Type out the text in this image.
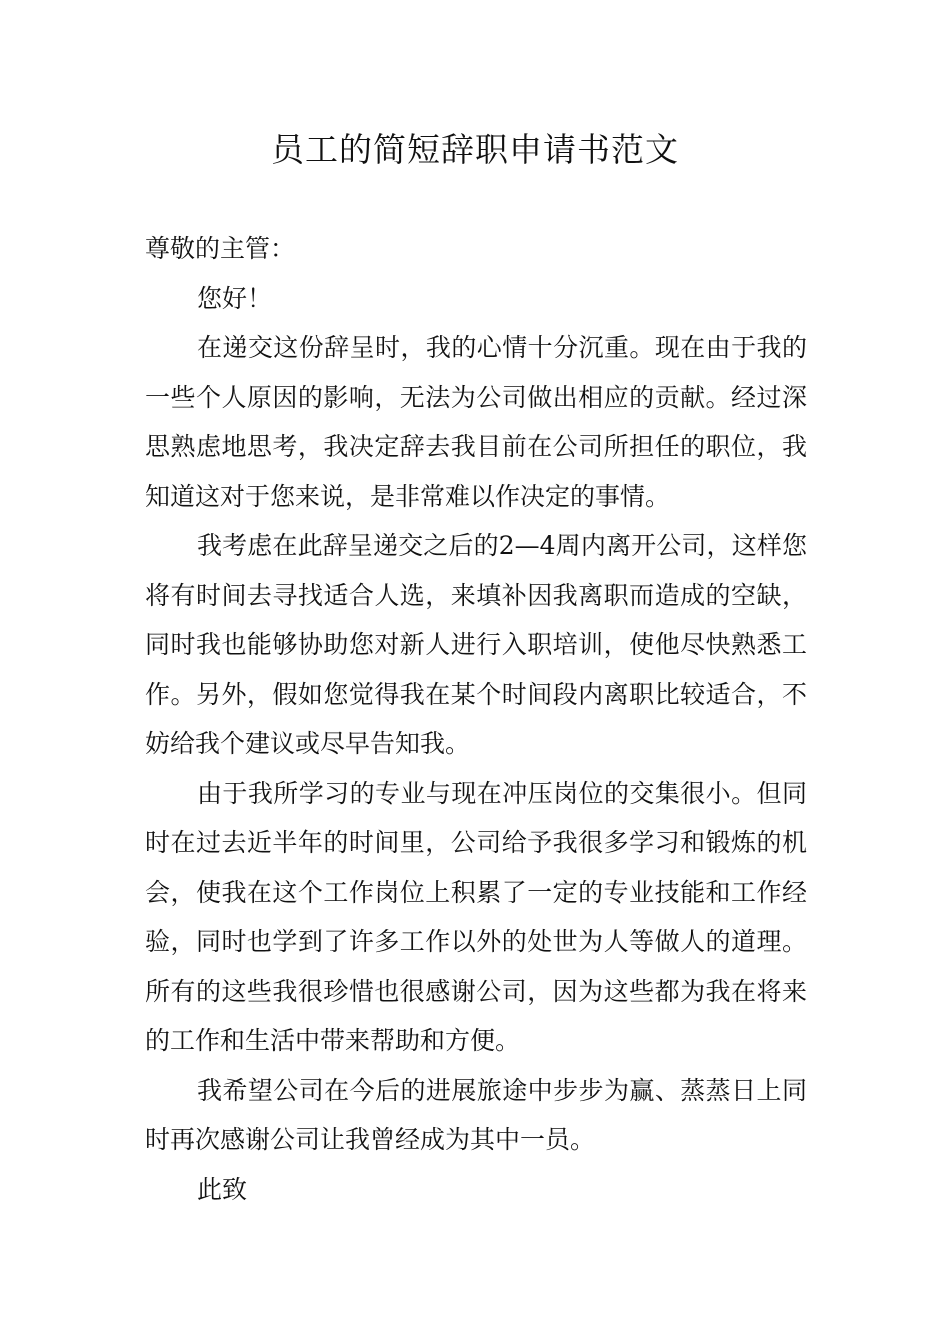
员工的简短辞职申请书范文

尊敬的主管：

您好！

在递交这份辞呈时，我的心情十分沉重。现在由于我的一些个人原因的影响，无法为公司做出相应的贡献。经过深思熟虑地思考，我决定辞去我目前在公司所担任的职位，我知道这对于您来说，是非常难以作决定的事情。

我考虑在此辞呈递交之后的2—4周内离开公司，这样您将有时间去寻找适合人选，来填补因我离职而造成的空缺，同时我也能够协助您对新人进行入职培训，使他尽快熟悉工作。另外，假如您觉得我在某个时间段内离职比较适合，不妨给我个建议或尽早告知我。

由于我所学习的专业与现在冲压岗位的交集很小。但同时在过去近半年的时间里，公司给予我很多学习和锻炼的机会，使我在这个工作岗位上积累了一定的专业技能和工作经验，同时也学到了许多工作以外的处世为人等做人的道理。所有的这些我很珍惜也很感谢公司，因为这些都为我在将来的工作和生活中带来帮助和方便。

我希望公司在今后的进展旅途中步步为赢、蒸蒸日上同时再次感谢公司让我曾经成为其中一员。

此致
